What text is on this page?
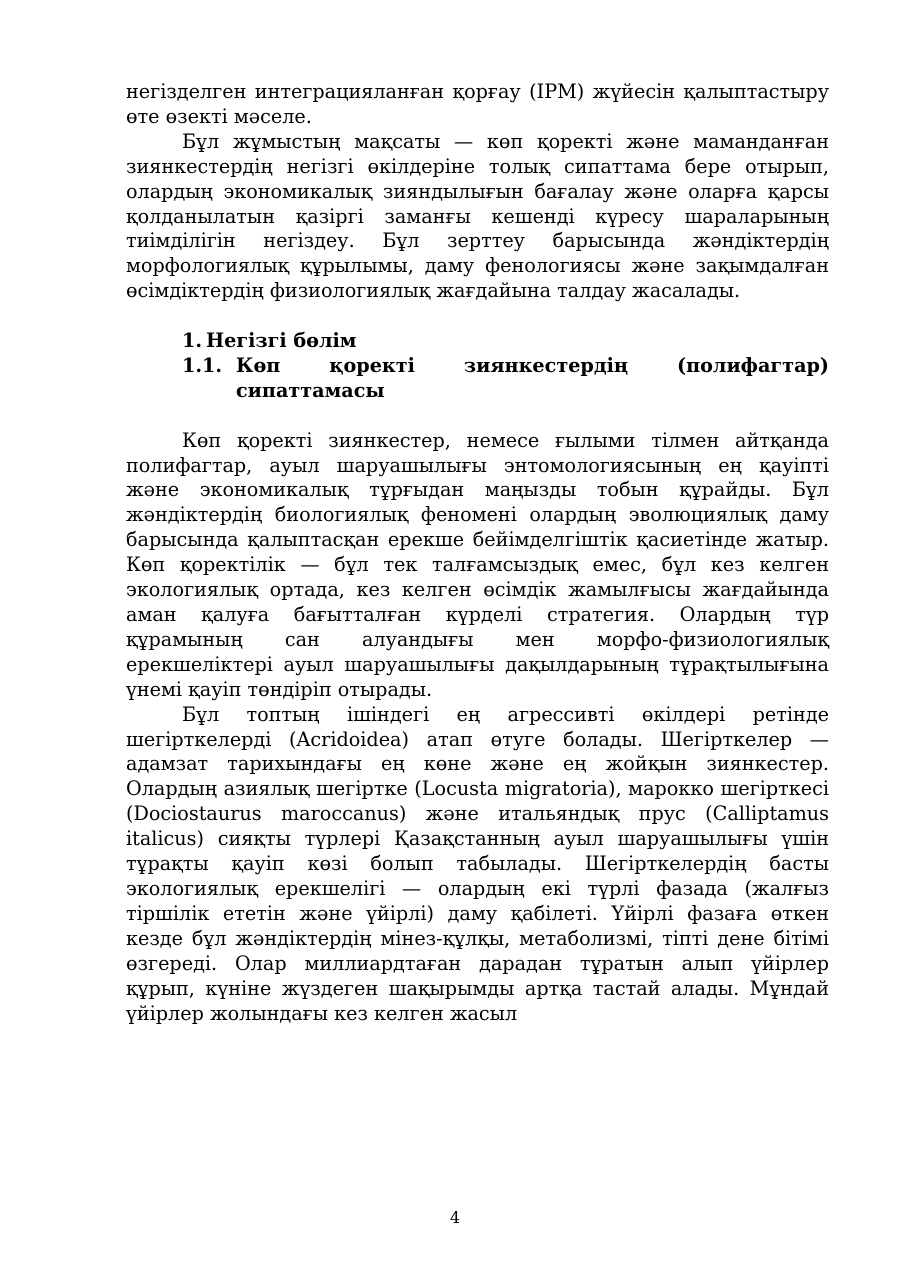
негізделген интеграцияланған қорғау (IPM) жүйесін қалыптастыру өте өзекті мәселе.

Бұл жұмыстың мақсаты — көп қоректі және маманданған зиянкестердің негізгі өкілдеріне толық сипаттама бере отырып, олардың экономикалық зияндылығын бағалау және оларға қарсы қолданылатын қазіргі заманғы кешенді күресу шараларының тиімділігін негіздеу. Бұл зерттеу барысында жәндіктердің морфологиялық құрылымы, даму фенологиясы және зақымдалған өсімдіктердің физиологиялық жағдайына талдау жасалады.

1. Негізгі бөлім
1.1. Көп қоректі зиянкестердің (полифагтар) сипаттамасы

Көп қоректі зиянкестер, немесе ғылыми тілмен айтқанда полифагтар, ауыл шаруашылығы энтомологиясының ең қауіпті және экономикалық тұрғыдан маңызды тобын құрайды. Бұл жәндіктердің биологиялық феномені олардың эволюциялық даму барысында қалыптасқан ерекше бейімделгіштік қасиетінде жатыр. Көп қоректілік — бұл тек талғамсыздық емес, бұл кез келген экологиялық ортада, кез келген өсімдік жамылғысы жағдайында аман қалуға бағытталған күрделі стратегия. Олардың түр құрамының сан алуандығы мен морфо-физиологиялық ерекшеліктері ауыл шаруашылығы дақылдарының тұрақтылығына үнемі қауіп төндіріп отырады.

Бұл топтың ішіндегі ең агрессивті өкілдері ретінде шегірткелерді (Acridoidea) атап өтуге болады. Шегірткелер — адамзат тарихындағы ең көне және ең жойқын зиянкестер. Олардың азиялық шегіртке (Locusta migratoria), марокко шегірткесі (Dociostaurus maroccanus) және итальяндық прус (Calliptamus italicus) сияқты түрлері Қазақстанның ауыл шаруашылығы үшін тұрақты қауіп көзі болып табылады. Шегірткелердің басты экологиялық ерекшелігі — олардың екі түрлі фазада (жалғыз тіршілік ететін және үйірлі) даму қабілеті. Үйірлі фазаға өткен кезде бұл жәндіктердің мінез-құлқы, метаболизмі, тіпті дене бітімі өзгереді. Олар миллиардтаған дарадан тұратын алып үйірлер құрып, күніне жүздеген шақырымды артқа тастай алады. Мұндай үйірлер жолындағы кез келген жасыл

4
